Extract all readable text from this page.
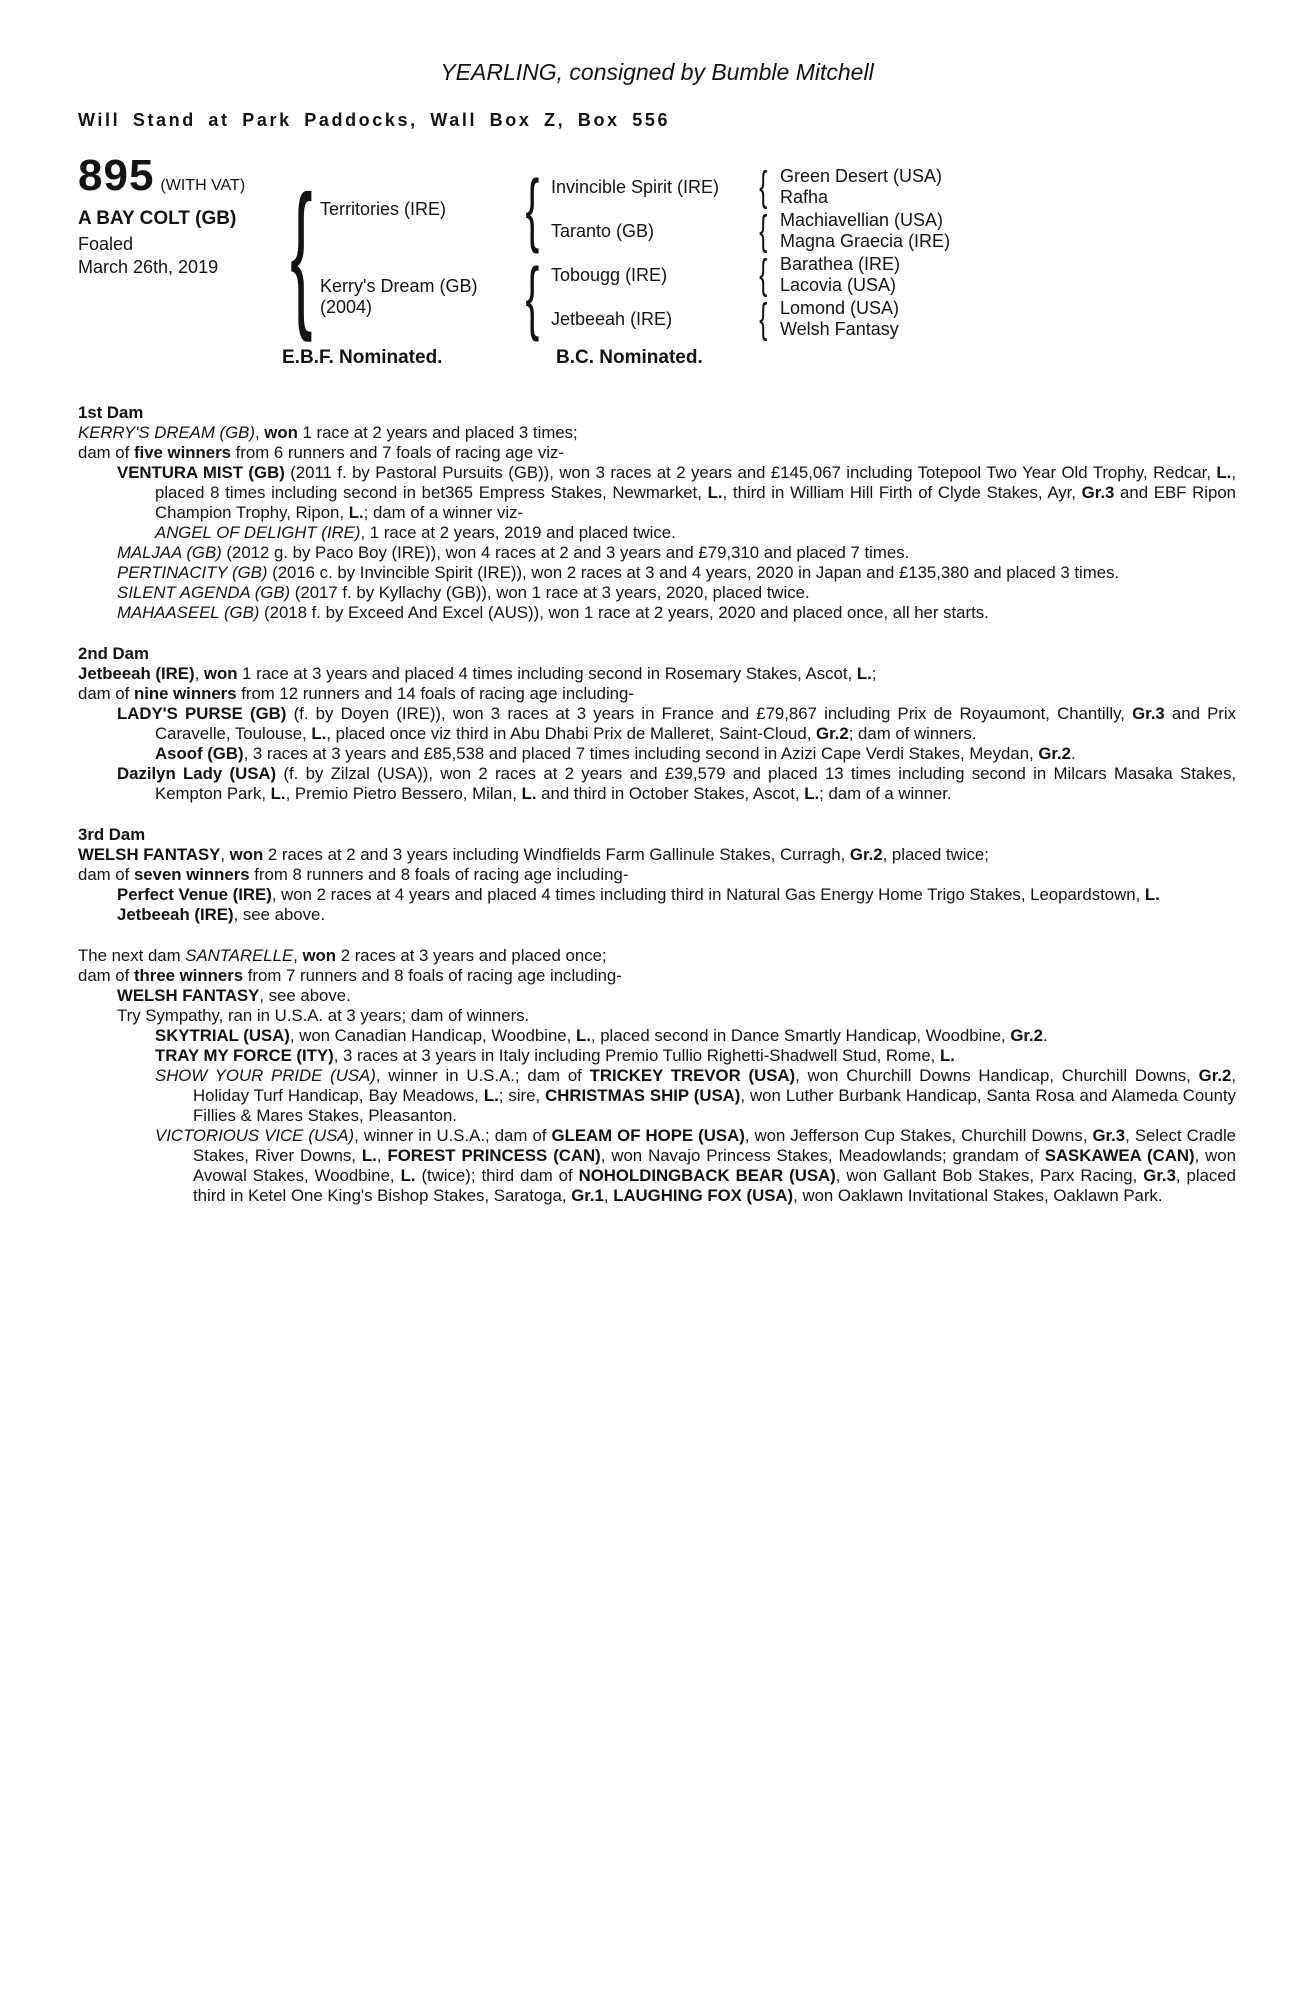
YEARLING, consigned by Bumble Mitchell
Will Stand at Park Paddocks, Wall Box Z, Box 556
895 (WITH VAT)
A BAY COLT (GB)
Foaled
March 26th, 2019 { Territories (IRE)
Kerry's Dream (GB)
(2004)
{
{
Invincible Spirit (IRE)
Taranto (GB)
Tobougg (IRE)
Jetbeeah (IRE)
{
{
{
{
Green Desert (USA)
Rafha
Machiavellian (USA)
Magna Graecia (IRE)
Barathea (IRE)
Lacovia (USA)
Lomond (USA)
Welsh Fantasy
E.B.F. Nominated.	B.C. Nominated.
1st Dam
KERRY'S DREAM (GB), won 1 race at 2 years and placed 3 times;
dam of five winners from 6 runners and 7 foals of racing age viz-
VENTURA MIST (GB) (2011 f. by Pastoral Pursuits (GB)), won 3 races at 2 years and £145,067 including Totepool Two Year Old Trophy, Redcar, L., placed 8 times including second in bet365 Empress Stakes, Newmarket, L., third in William Hill Firth of Clyde Stakes, Ayr, Gr.3 and EBF Ripon Champion Trophy, Ripon, L.; dam of a winner viz-
ANGEL OF DELIGHT (IRE), 1 race at 2 years, 2019 and placed twice.
MALJAA (GB) (2012 g. by Paco Boy (IRE)), won 4 races at 2 and 3 years and £79,310 and placed 7 times.
PERTINACITY (GB) (2016 c. by Invincible Spirit (IRE)), won 2 races at 3 and 4 years, 2020 in Japan and £135,380 and placed 3 times.
SILENT AGENDA (GB) (2017 f. by Kyllachy (GB)), won 1 race at 3 years, 2020, placed twice.
MAHAASEEL (GB) (2018 f. by Exceed And Excel (AUS)), won 1 race at 2 years, 2020 and placed once, all her starts.
2nd Dam
Jetbeeah (IRE), won 1 race at 3 years and placed 4 times including second in Rosemary Stakes, Ascot, L.;
dam of nine winners from 12 runners and 14 foals of racing age including-
LADY'S PURSE (GB) (f. by Doyen (IRE)), won 3 races at 3 years in France and £79,867 including Prix de Royaumont, Chantilly, Gr.3 and Prix Caravelle, Toulouse, L., placed once viz third in Abu Dhabi Prix de Malleret, Saint-Cloud, Gr.2; dam of winners.
Asoof (GB), 3 races at 3 years and £85,538 and placed 7 times including second in Azizi Cape Verdi Stakes, Meydan, Gr.2.
Dazilyn Lady (USA) (f. by Zilzal (USA)), won 2 races at 2 years and £39,579 and placed 13 times including second in Milcars Masaka Stakes, Kempton Park, L., Premio Pietro Bessero, Milan, L. and third in October Stakes, Ascot, L.; dam of a winner.
3rd Dam
WELSH FANTASY, won 2 races at 2 and 3 years including Windfields Farm Gallinule Stakes, Curragh, Gr.2, placed twice;
dam of seven winners from 8 runners and 8 foals of racing age including-
Perfect Venue (IRE), won 2 races at 4 years and placed 4 times including third in Natural Gas Energy Home Trigo Stakes, Leopardstown, L.
Jetbeeah (IRE), see above.
The next dam SANTARELLE, won 2 races at 3 years and placed once;
dam of three winners from 7 runners and 8 foals of racing age including-
WELSH FANTASY, see above.
Try Sympathy, ran in U.S.A. at 3 years; dam of winners.
SKYTRIAL (USA), won Canadian Handicap, Woodbine, L., placed second in Dance Smartly Handicap, Woodbine, Gr.2.
TRAY MY FORCE (ITY), 3 races at 3 years in Italy including Premio Tullio Righetti-Shadwell Stud, Rome, L.
SHOW YOUR PRIDE (USA), winner in U.S.A.; dam of TRICKEY TREVOR (USA), won Churchill Downs Handicap, Churchill Downs, Gr.2, Holiday Turf Handicap, Bay Meadows, L.; sire, CHRISTMAS SHIP (USA), won Luther Burbank Handicap, Santa Rosa and Alameda County Fillies & Mares Stakes, Pleasanton.
VICTORIOUS VICE (USA), winner in U.S.A.; dam of GLEAM OF HOPE (USA), won Jefferson Cup Stakes, Churchill Downs, Gr.3, Select Cradle Stakes, River Downs, L., FOREST PRINCESS (CAN), won Navajo Princess Stakes, Meadowlands; grandam of SASKAWEA (CAN), won Avowal Stakes, Woodbine, L. (twice); third dam of NOHOLDINGBACK BEAR (USA), won Gallant Bob Stakes, Parx Racing, Gr.3, placed third in Ketel One King's Bishop Stakes, Saratoga, Gr.1, LAUGHING FOX (USA), won Oaklawn Invitational Stakes, Oaklawn Park.
